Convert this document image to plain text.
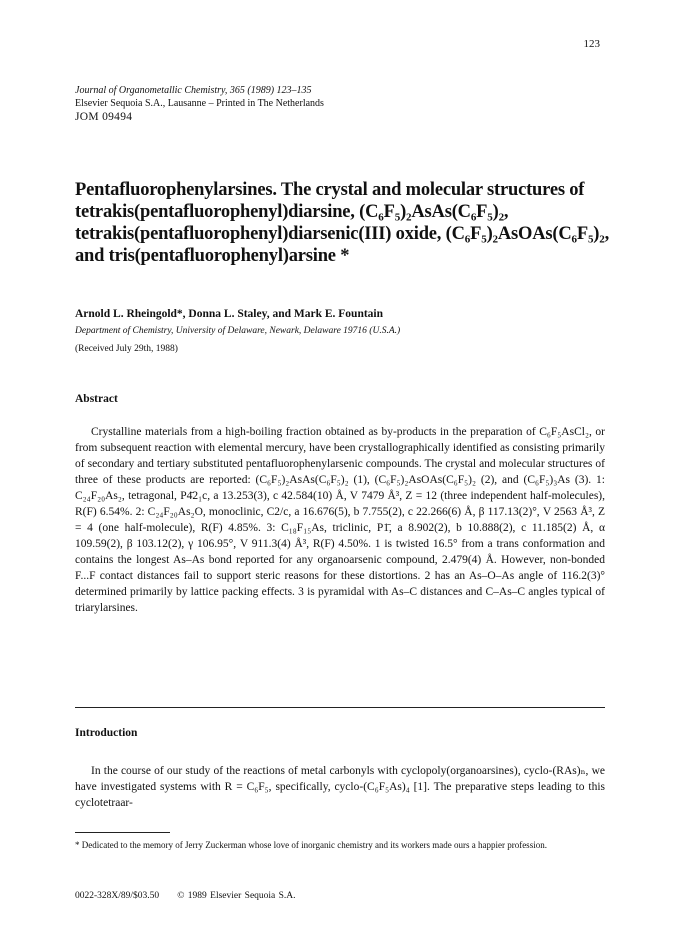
123
Journal of Organometallic Chemistry, 365 (1989) 123–135
Elsevier Sequoia S.A., Lausanne – Printed in The Netherlands
JOM 09494
Pentafluorophenylarsines. The crystal and molecular structures of tetrakis(pentafluorophenyl)diarsine, (C₆F₅)₂AsAs(C₆F₅)₂, tetrakis(pentafluorophenyl)diarsenic(III) oxide, (C₆F₅)₂AsOAs(C₆F₅)₂, and tris(pentafluorophenyl)arsine *
Arnold L. Rheingold*, Donna L. Staley, and Mark E. Fountain
Department of Chemistry, University of Delaware, Newark, Delaware 19716 (U.S.A.)
(Received July 29th, 1988)
Abstract
Crystalline materials from a high-boiling fraction obtained as by-products in the preparation of C₆F₅AsCl₂, or from subsequent reaction with elemental mercury, have been crystallographically identified as consisting primarily of secondary and tertiary substituted pentafluorophenylarsenic compounds. The crystal and molecular structures of three of these products are reported: (C₆F₅)₂AsAs(C₆F₅)₂ (1), (C₆F₅)₂AsOAs(C₆F₅)₂ (2), and (C₆F₅)₃As (3). 1: C₂₄F₂₀As₂, tetragonal, P4̄2₁c, a 13.253(3), c 42.584(10) Å, V 7479 Å³, Z = 12 (three independent half-molecules), R(F) 6.54%. 2: C₂₄F₂₀As₂O, monoclinic, C2/c, a 16.676(5), b 7.755(2), c 22.266(6) Å, β 117.13(2)°, V 2563 Å³, Z = 4 (one half-molecule), R(F) 4.85%. 3: C₁₈F₁₅As, triclinic, P1̄, a 8.902(2), b 10.888(2), c 11.185(2) Å, α 109.59(2), β 103.12(2), γ 106.95°, V 911.3(4) Å³, R(F) 4.50%. 1 is twisted 16.5° from a trans conformation and contains the longest As–As bond reported for any organoarsenic compound, 2.479(4) Å. However, non-bonded F...F contact distances fail to support steric reasons for these distortions. 2 has an As–O–As angle of 116.2(3)° determined primarily by lattice packing effects. 3 is pyramidal with As–C distances and C–As–C angles typical of triarylarsines.
Introduction
In the course of our study of the reactions of metal carbonyls with cyclopoly(organoarsines), cyclo-(RAs)ₙ, we have investigated systems with R = C₆F₅, specifically, cyclo-(C₆F₅As)₄ [1]. The preparative steps leading to this cyclotetraar-
* Dedicated to the memory of Jerry Zuckerman whose love of inorganic chemistry and its workers made ours a happier profession.
0022-328X/89/$03.50 © 1989 Elsevier Sequoia S.A.
